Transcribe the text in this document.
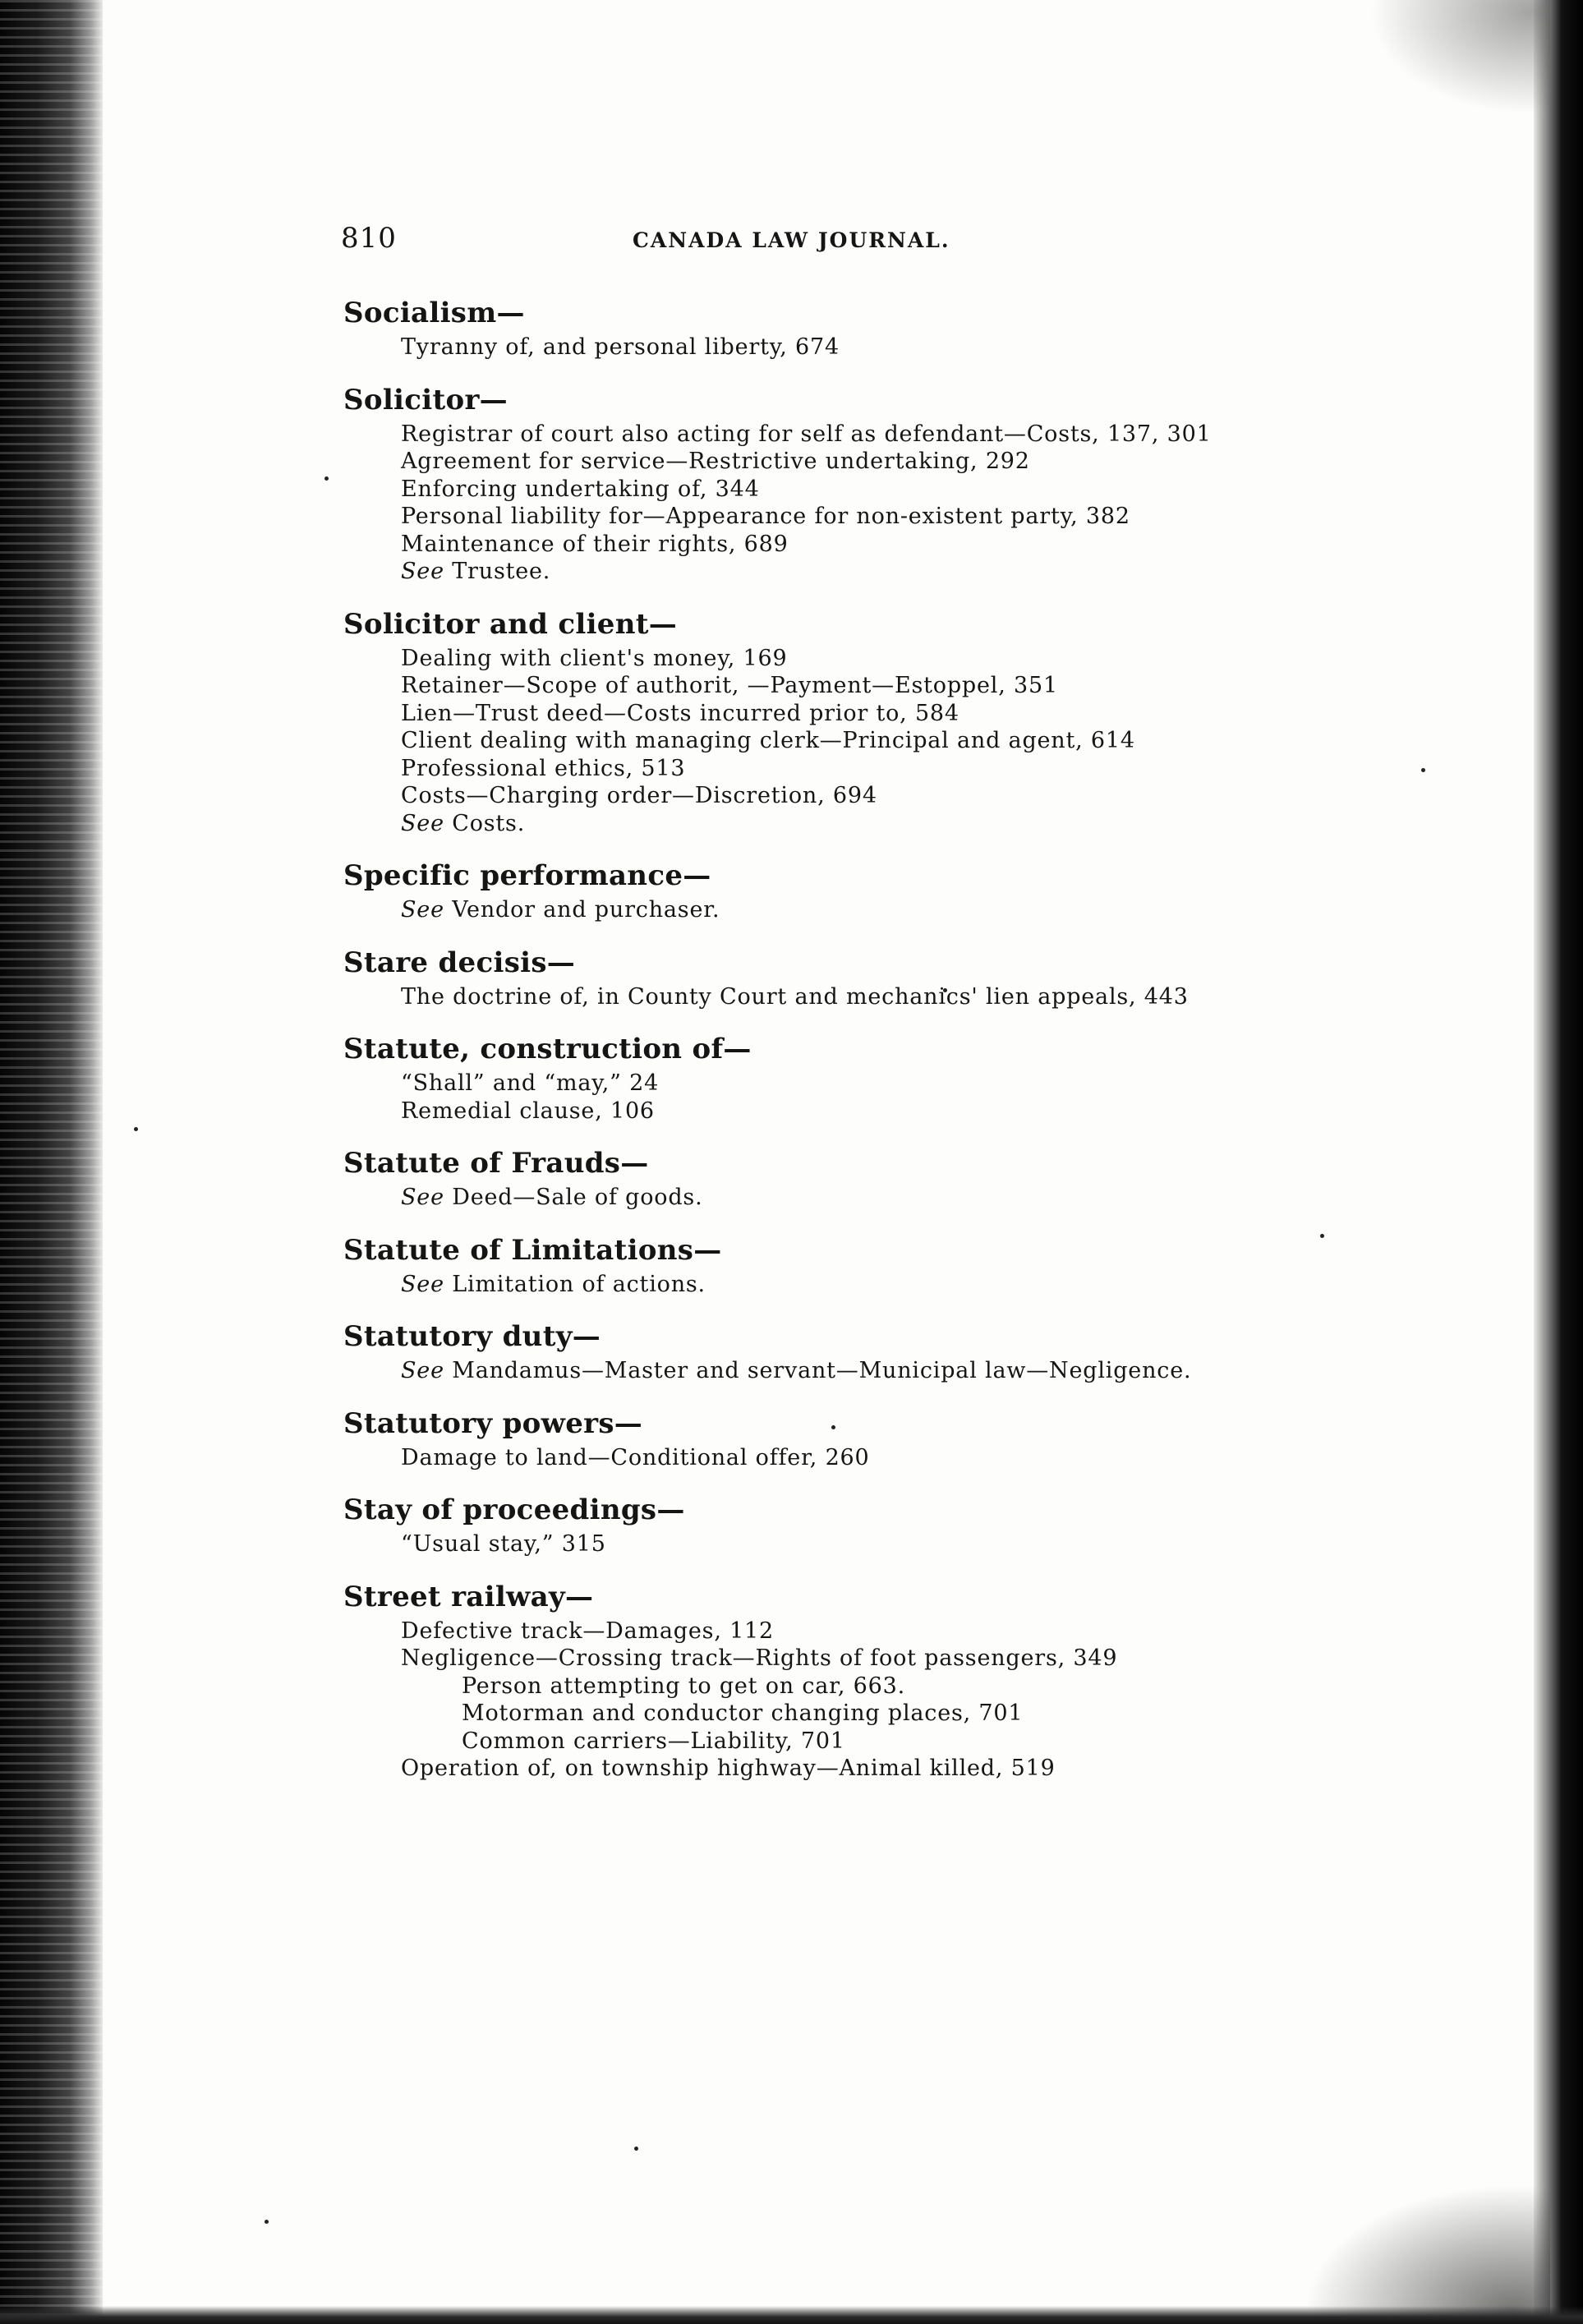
810	CANADA LAW JOURNAL.
Socialism—
Tyranny of, and personal liberty, 674
Solicitor—
Registrar of court also acting for self as defendant—Costs, 137, 301
Agreement for service—Restrictive undertaking, 292
Enforcing undertaking of, 344
Personal liability for—Appearance for non-existent party, 382
Maintenance of their rights, 689
See Trustee.
Solicitor and client—
Dealing with client's money, 169
Retainer—Scope of authorit, —Payment—Estoppel, 351
Lien—Trust deed—Costs incurred prior to, 584
Client dealing with managing clerk—Principal and agent, 614
Professional ethics, 513
Costs—Charging order—Discretion, 694
See Costs.
Specific performance—
See Vendor and purchaser.
Stare decisis—
The doctrine of, in County Court and mechanics' lien appeals, 443
Statute, construction of—
“Shall” and “may,” 24
Remedial clause, 106
Statute of Frauds—
See Deed—Sale of goods.
Statute of Limitations—
See Limitation of actions.
Statutory duty—
See Mandamus—Master and servant—Municipal law—Negligence.
Statutory powers—
Damage to land—Conditional offer, 260
Stay of proceedings—
“Usual stay,” 315
Street railway—
Defective track—Damages, 112
Negligence—Crossing track—Rights of foot passengers, 349
Person attempting to get on car, 663.
Motorman and conductor changing places, 701
Common carriers—Liability, 701
Operation of, on township highway—Animal killed, 519
